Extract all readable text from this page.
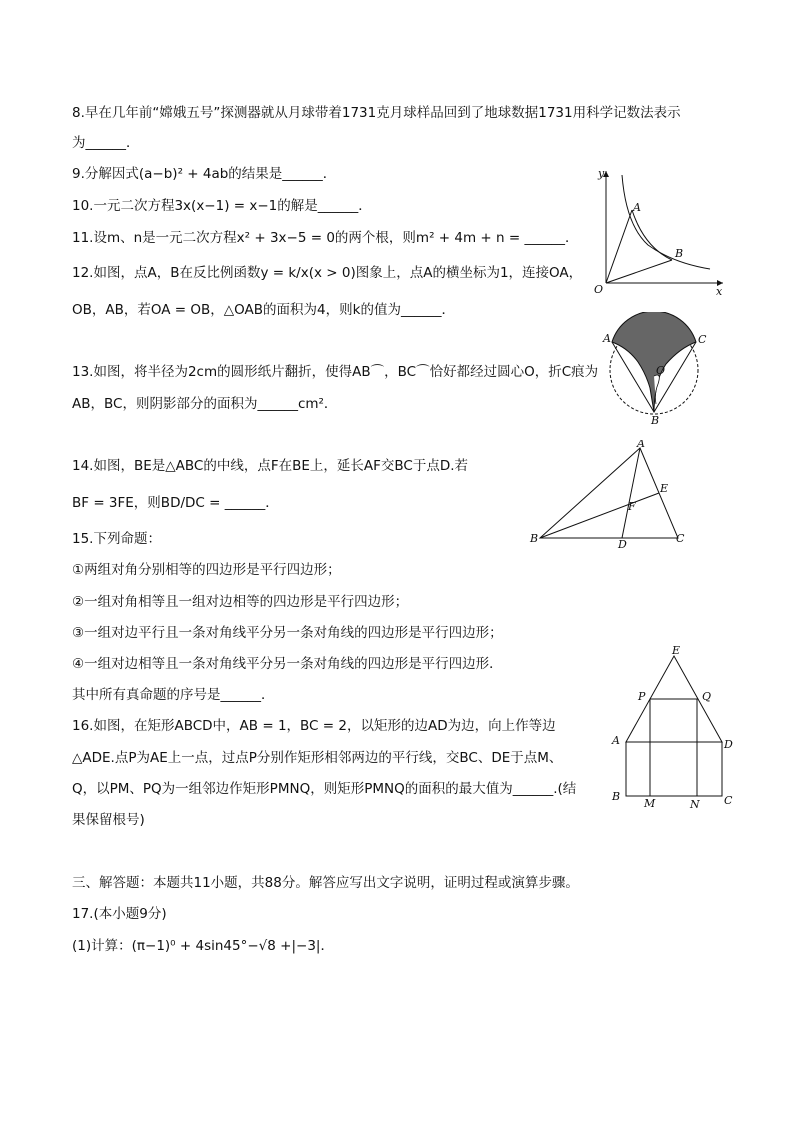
8.早在几年前“嫦娥五号”探测器就从月球带着1731克月球样品回到了地球数据1731用科学记数法表示
为______．
9.分解因式(a−b)² + 4ab的结果是______．
10.一元二次方程3x(x−1) = x−1的解是______．
11.设m、n是一元二次方程x² + 3x−5 = 0的两个根，则m² + 4m + n = ______．
12.如图，点A，B在反比例函数y = k/x(x > 0)图象上，点A的横坐标为1，连接OA，
OB，AB，若OA = OB，△OAB的面积为4，则k的值为______．
13.如图，将半径为2cm的圆形纸片翻折，使得AB⌒，BC⌒恰好都经过圆心O，折C痕为
AB，BC，则阴影部分的面积为______cm²．
14.如图，BE是△ABC的中线，点F在BE上，延长AF交BC于点D.若
BF = 3FE，则BD/DC = ______．
15.下列命题：
①两组对角分别相等的四边形是平行四边形；
②一组对角相等且一组对边相等的四边形是平行四边形；
③一组对边平行且一条对角线平分另一条对角线的四边形是平行四边形；
④一组对边相等且一条对角线平分另一条对角线的四边形是平行四边形．
其中所有真命题的序号是______．
16.如图，在矩形ABCD中，AB = 1，BC = 2，以矩形的边AD为边，向上作等边
△ADE.点P为AE上一点，过点P分别作矩形相邻两边的平行线，交BC、DE于点M、
Q，以PM、PQ为一组邻边作矩形PMNQ，则矩形PMNQ的面积的最大值为______.(结
果保留根号)
三、解答题：本题共11小题，共88分。解答应写出文字说明，证明过程或演算步骤。
17.(本小题9分)
(1)计算：(π−1)⁰ + 4sin45°−√8 +|−3|．
y
x
O
A
B
A	C
O
B
A
B	C
D
E
F
E
P	Q
A	D
B
M	N C
